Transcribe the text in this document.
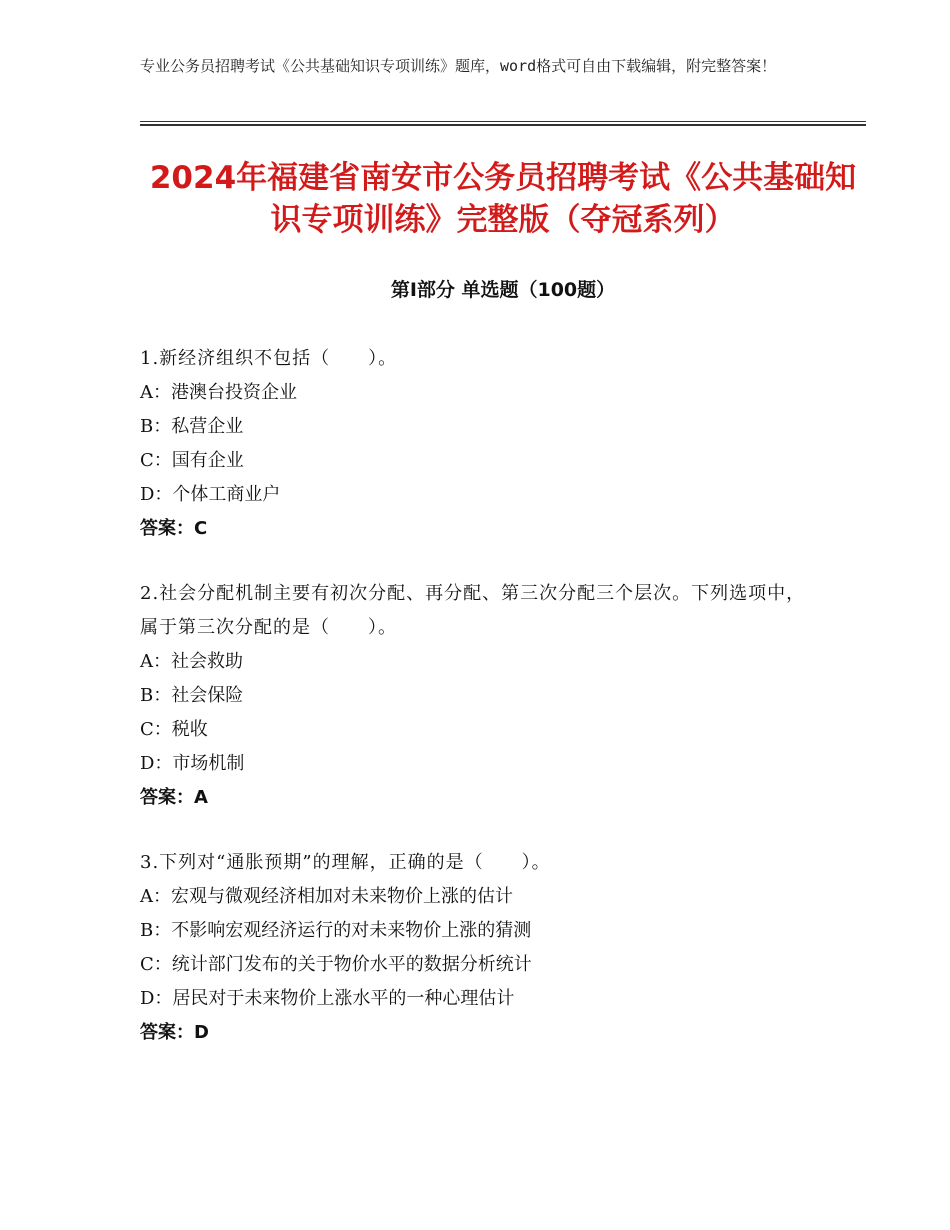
专业公务员招聘考试《公共基础知识专项训练》题库，word格式可自由下载编辑，附完整答案！
2024年福建省南安市公务员招聘考试《公共基础知识专项训练》完整版（夺冠系列）
第Ⅰ部分 单选题（100题）
1.新经济组织不包括（　　）。
A：港澳台投资企业
B：私营企业
C：国有企业
D：个体工商业户
答案：C
2.社会分配机制主要有初次分配、再分配、第三次分配三个层次。下列选项中，属于第三次分配的是（　　）。
A：社会救助
B：社会保险
C：税收
D：市场机制
答案：A
3.下列对“通胀预期”的理解，正确的是（　　）。
A：宏观与微观经济相加对未来物价上涨的估计
B：不影响宏观经济运行的对未来物价上涨的猜测
C：统计部门发布的关于物价水平的数据分析统计
D：居民对于未来物价上涨水平的一种心理估计
答案：D
